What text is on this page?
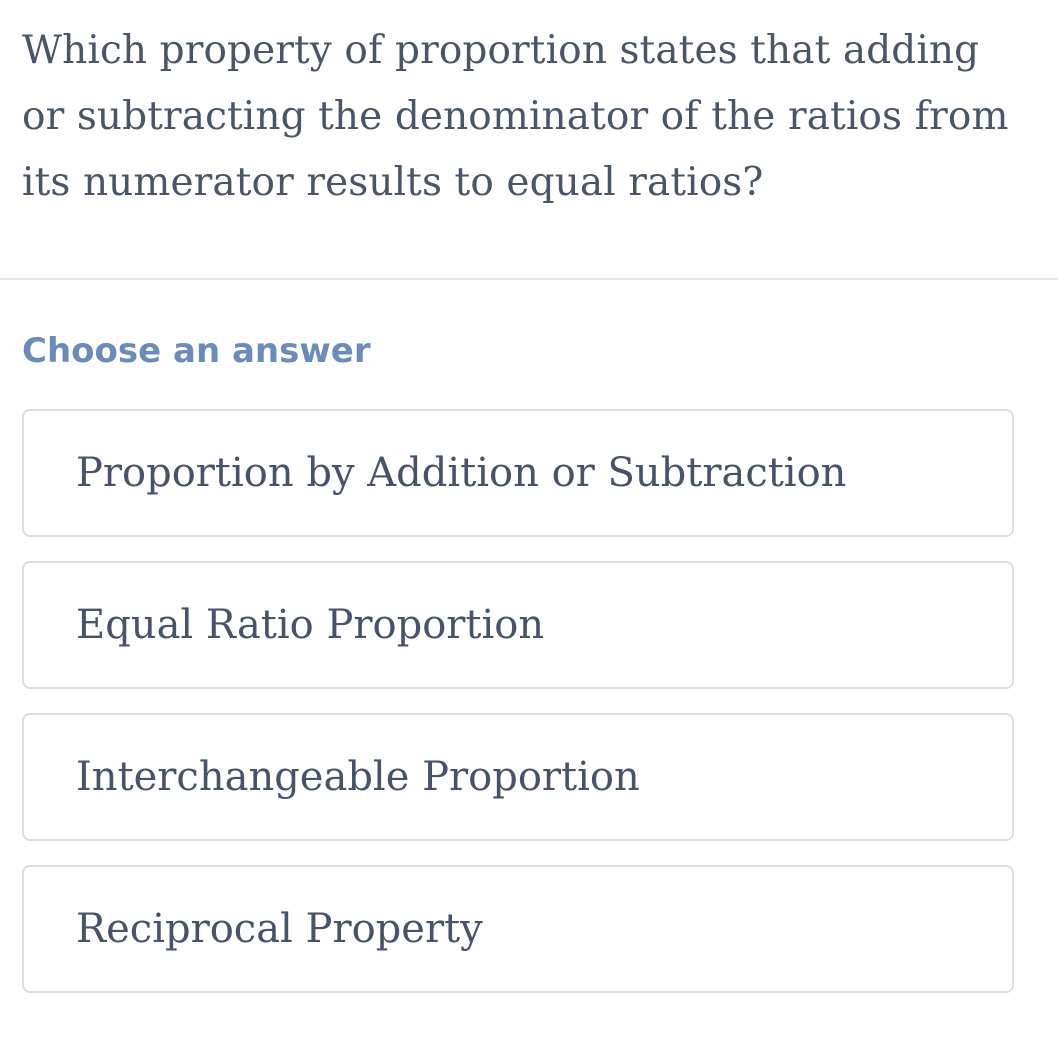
Which property of proportion states that adding or subtracting the denominator of the ratios from its numerator results to equal ratios?
Choose an answer
Proportion by Addition or Subtraction
Equal Ratio Proportion
Interchangeable Proportion
Reciprocal Property
